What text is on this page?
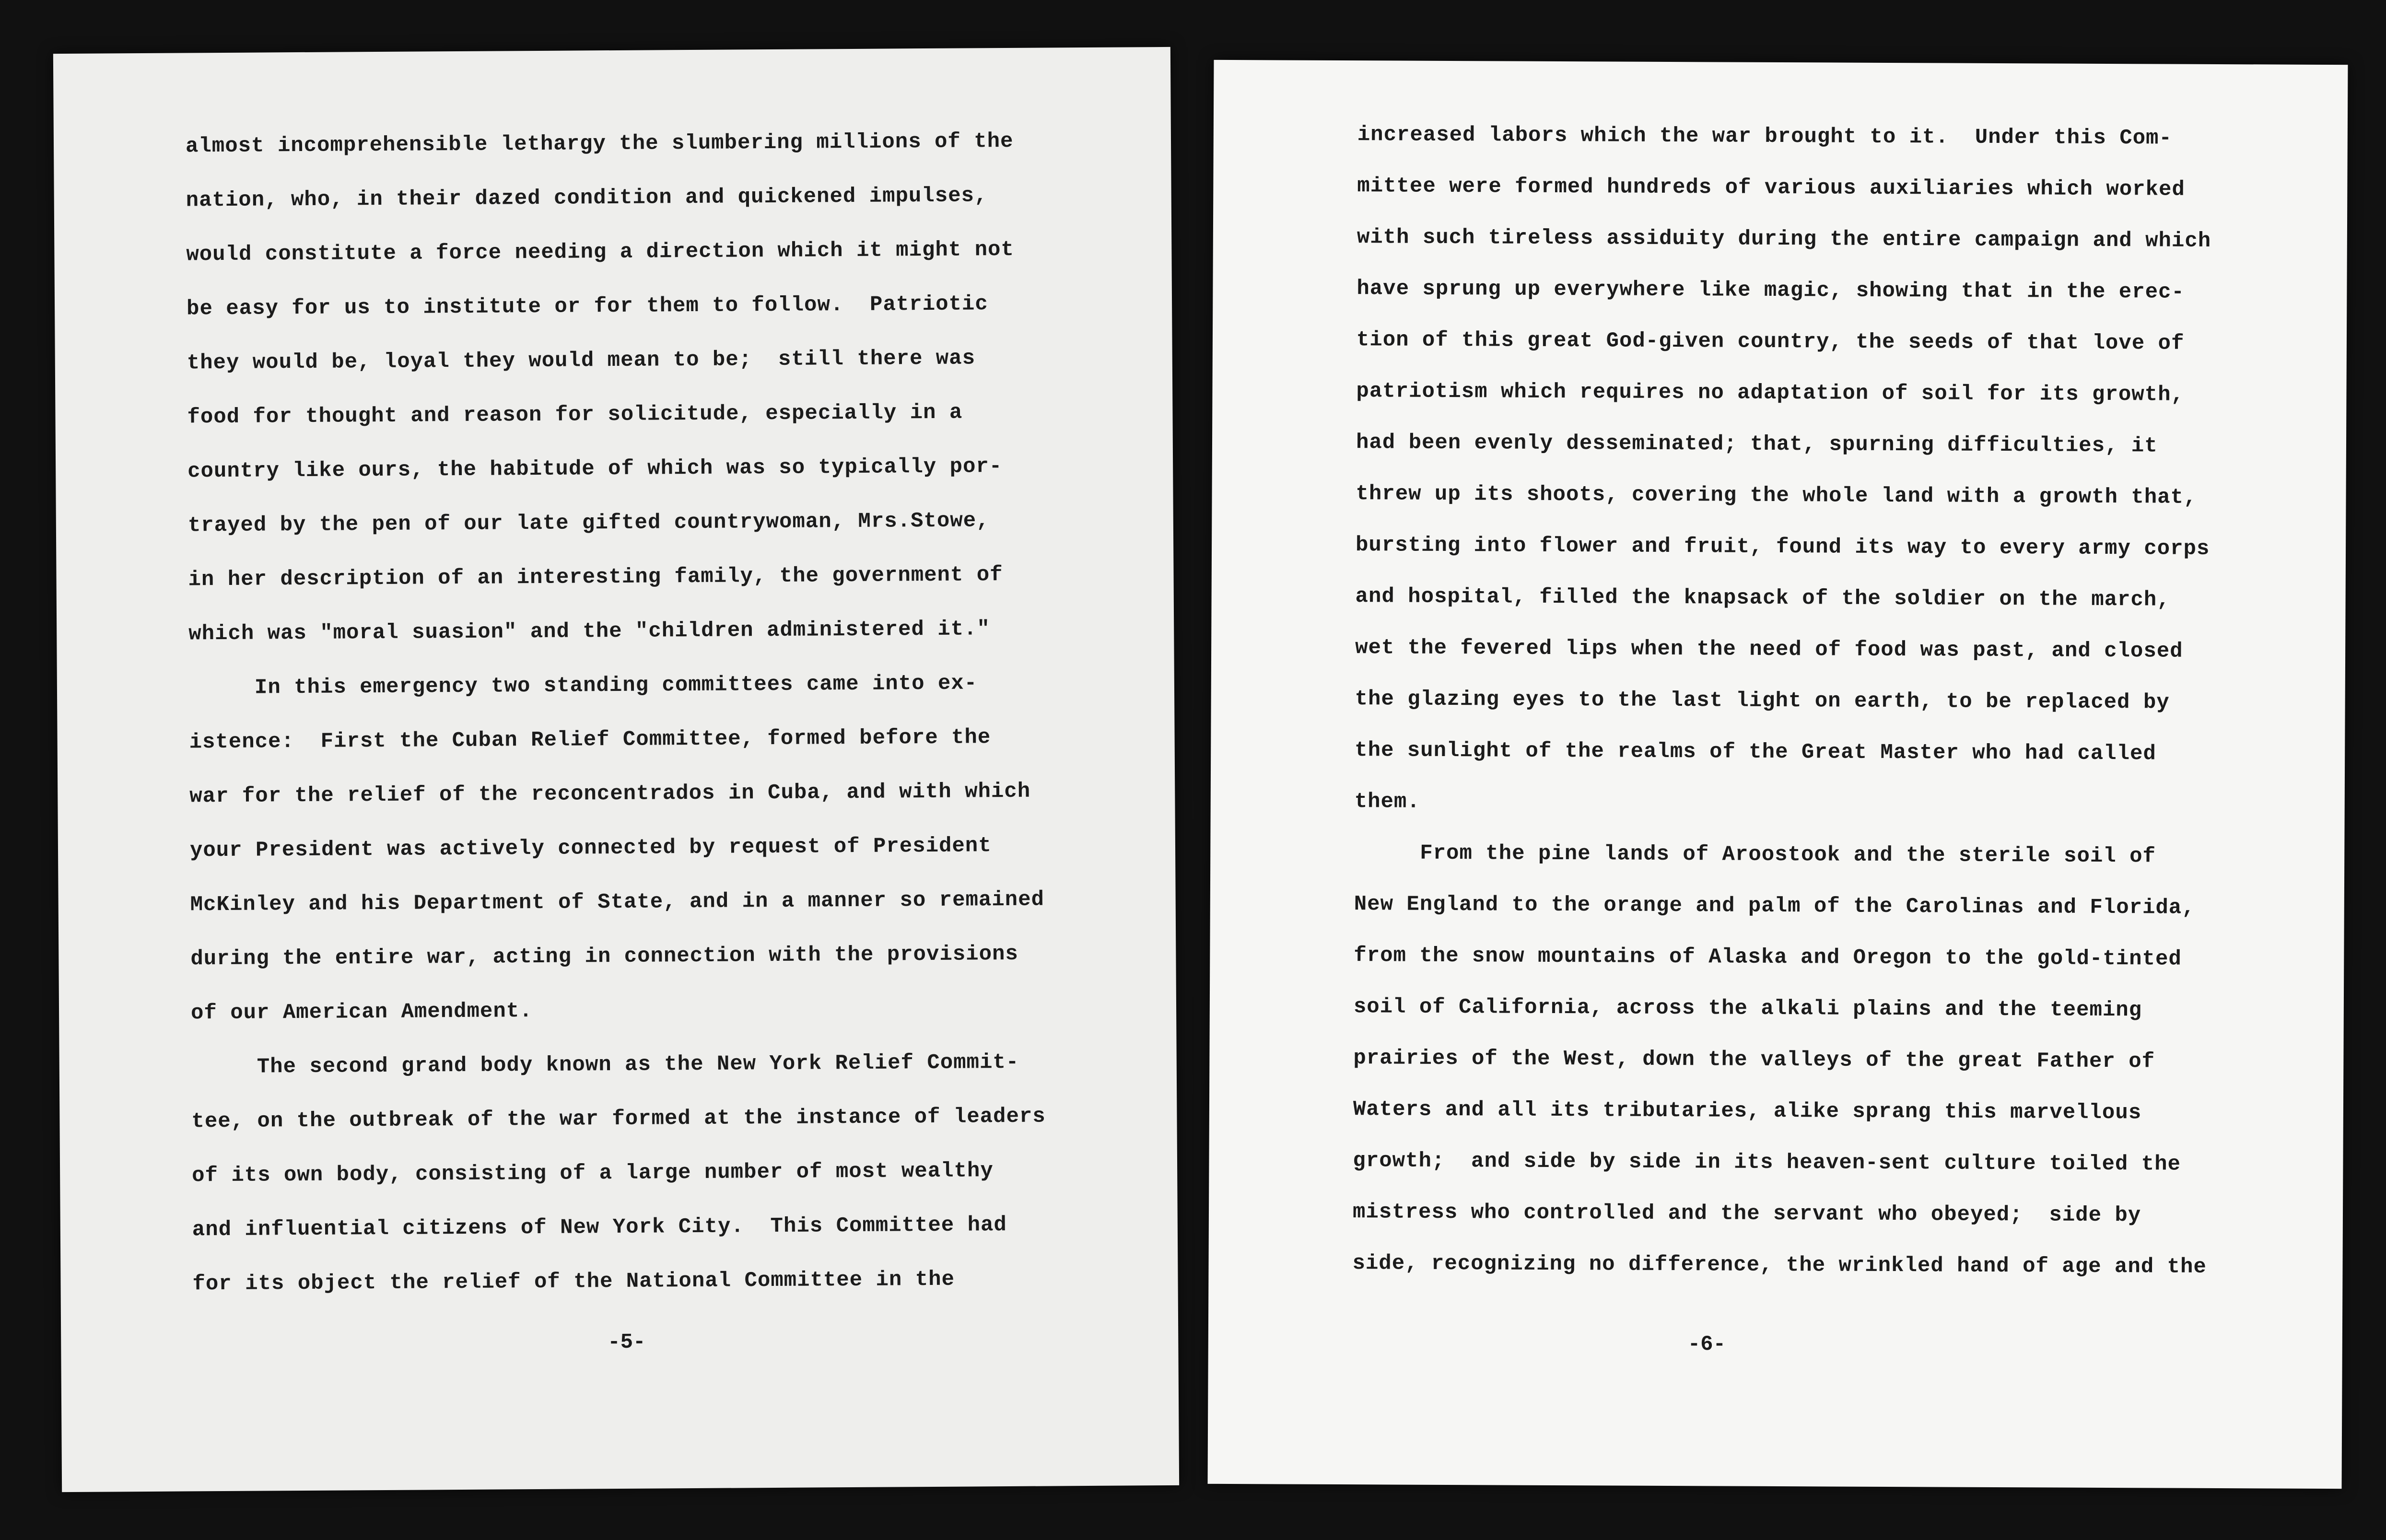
almost incomprehensible lethargy the slumbering millions of the
nation, who, in their dazed condition and quickened impulses,
would constitute a force needing a direction which it might not
be easy for us to institute or for them to follow.  Patriotic
they would be, loyal they would mean to be;  still there was
food for thought and reason for solicitude, especially in a
country like ours, the habitude of which was so typically por-
trayed by the pen of our late gifted countrywoman, Mrs.Stowe,
in her description of an interesting family, the government of
which was "moral suasion" and the "children administered it."
In this emergency two standing committees came into ex-
istence:  First the Cuban Relief Committee, formed before the
war for the relief of the reconcentrados in Cuba, and with which
your President was actively connected by request of President
McKinley and his Department of State, and in a manner so remained
during the entire war, acting in connection with the provisions
of our American Amendment.
The second grand body known as the New York Relief Commit-
tee, on the outbreak of the war formed at the instance of leaders
of its own body, consisting of a large number of most wealthy
and influential citizens of New York City.  This Committee had
for its object the relief of the National Committee in the
-5-
increased labors which the war brought to it.  Under this Com-
mittee were formed hundreds of various auxiliaries which worked
with such tireless assiduity during the entire campaign and which
have sprung up everywhere like magic, showing that in the erec-
tion of this great God-given country, the seeds of that love of
patriotism which requires no adaptation of soil for its growth,
had been evenly desseminated; that, spurning difficulties, it
threw up its shoots, covering the whole land with a growth that,
bursting into flower and fruit, found its way to every army corps
and hospital, filled the knapsack of the soldier on the march,
wet the fevered lips when the need of food was past, and closed
the glazing eyes to the last light on earth, to be replaced by
the sunlight of the realms of the Great Master who had called
them.
From the pine lands of Aroostook and the sterile soil of
New England to the orange and palm of the Carolinas and Florida,
from the snow mountains of Alaska and Oregon to the gold-tinted
soil of California, across the alkali plains and the teeming
prairies of the West, down the valleys of the great Father of
Waters and all its tributaries, alike sprang this marvellous
growth;  and side by side in its heaven-sent culture toiled the
mistress who controlled and the servant who obeyed;  side by
side, recognizing no difference, the wrinkled hand of age and the
-6-
